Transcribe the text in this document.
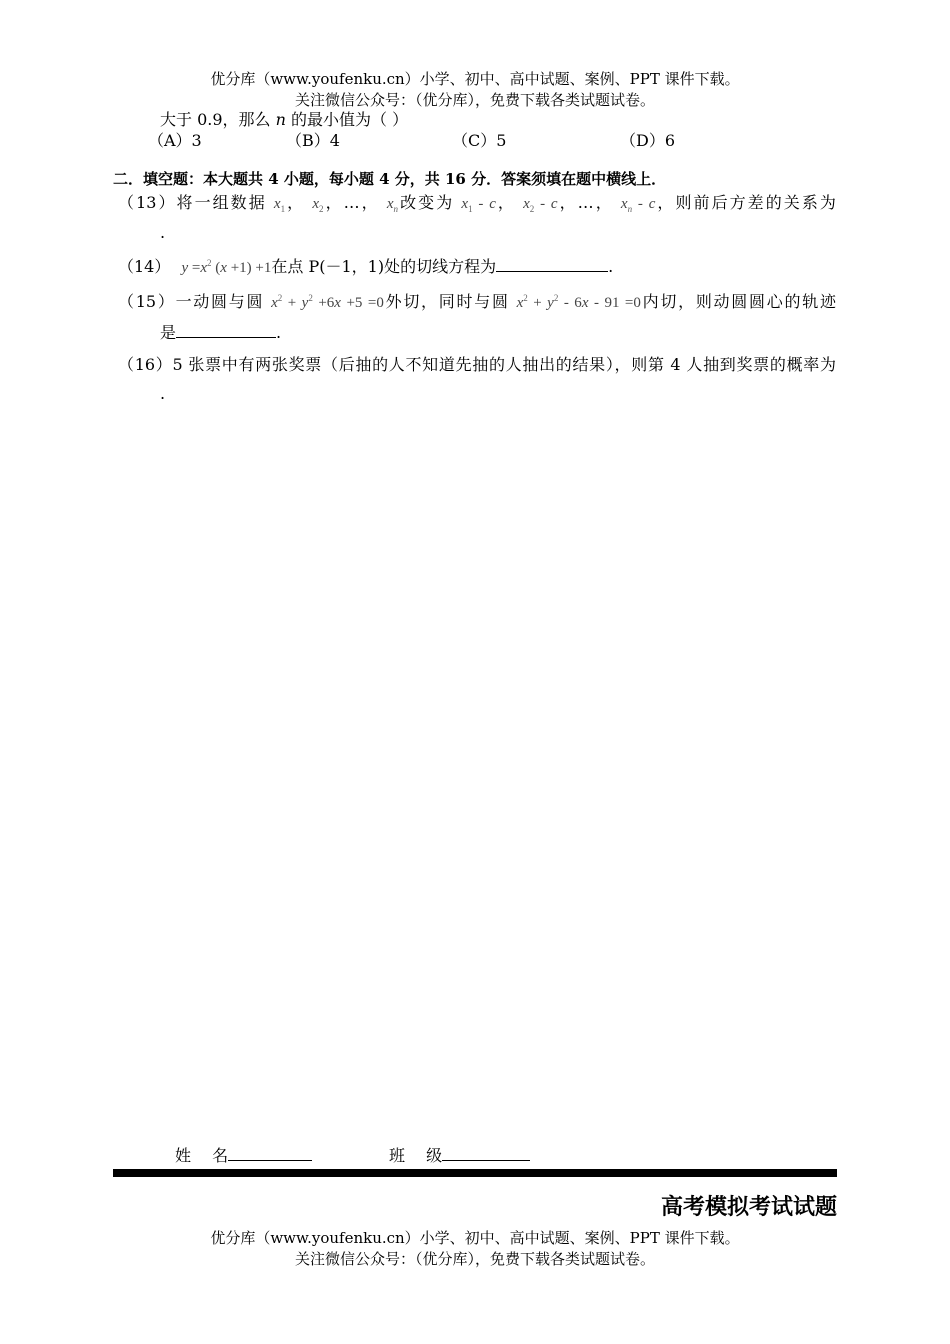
优分库（www.youfenku.cn）小学、初中、高中试题、案例、PPT 课件下载。
关注微信公众号：（优分库），免费下载各类试题试卷。
大于 0.9，那么 n 的最小值为（ ）
（A）3	（B）4	（C）5	（D）6
二．填空题：本大题共 4 小题，每小题 4 分，共 16 分．答案须填在题中横线上．
（13）将一组数据 $x_1$， $x_2$，…， $x_n$改变为 $x_1$ - c， $x_2$ - c，…， $x_n$ - c，则前后方差的关系为
.
（14） $y =x^2$ (x +1) +1在点 P(－1，1)处的切线方程为	.
（15）一动圆与圆 $x^2 + y^2 +6x +5 =0$外切，同时与圆 $x^2 + y^2 - 6x - 91 =0$内切，则动圆圆心的轨迹
是	.
（16）5 张票中有两张奖票（后抽的人不知道先抽的人抽出的结果），则第 4 人抽到奖票的概率为
.
姓　 名	班　 级
高考模拟考试试题
优分库（www.youfenku.cn）小学、初中、高中试题、案例、PPT 课件下载。
关注微信公众号：（优分库），免费下载各类试题试卷。
